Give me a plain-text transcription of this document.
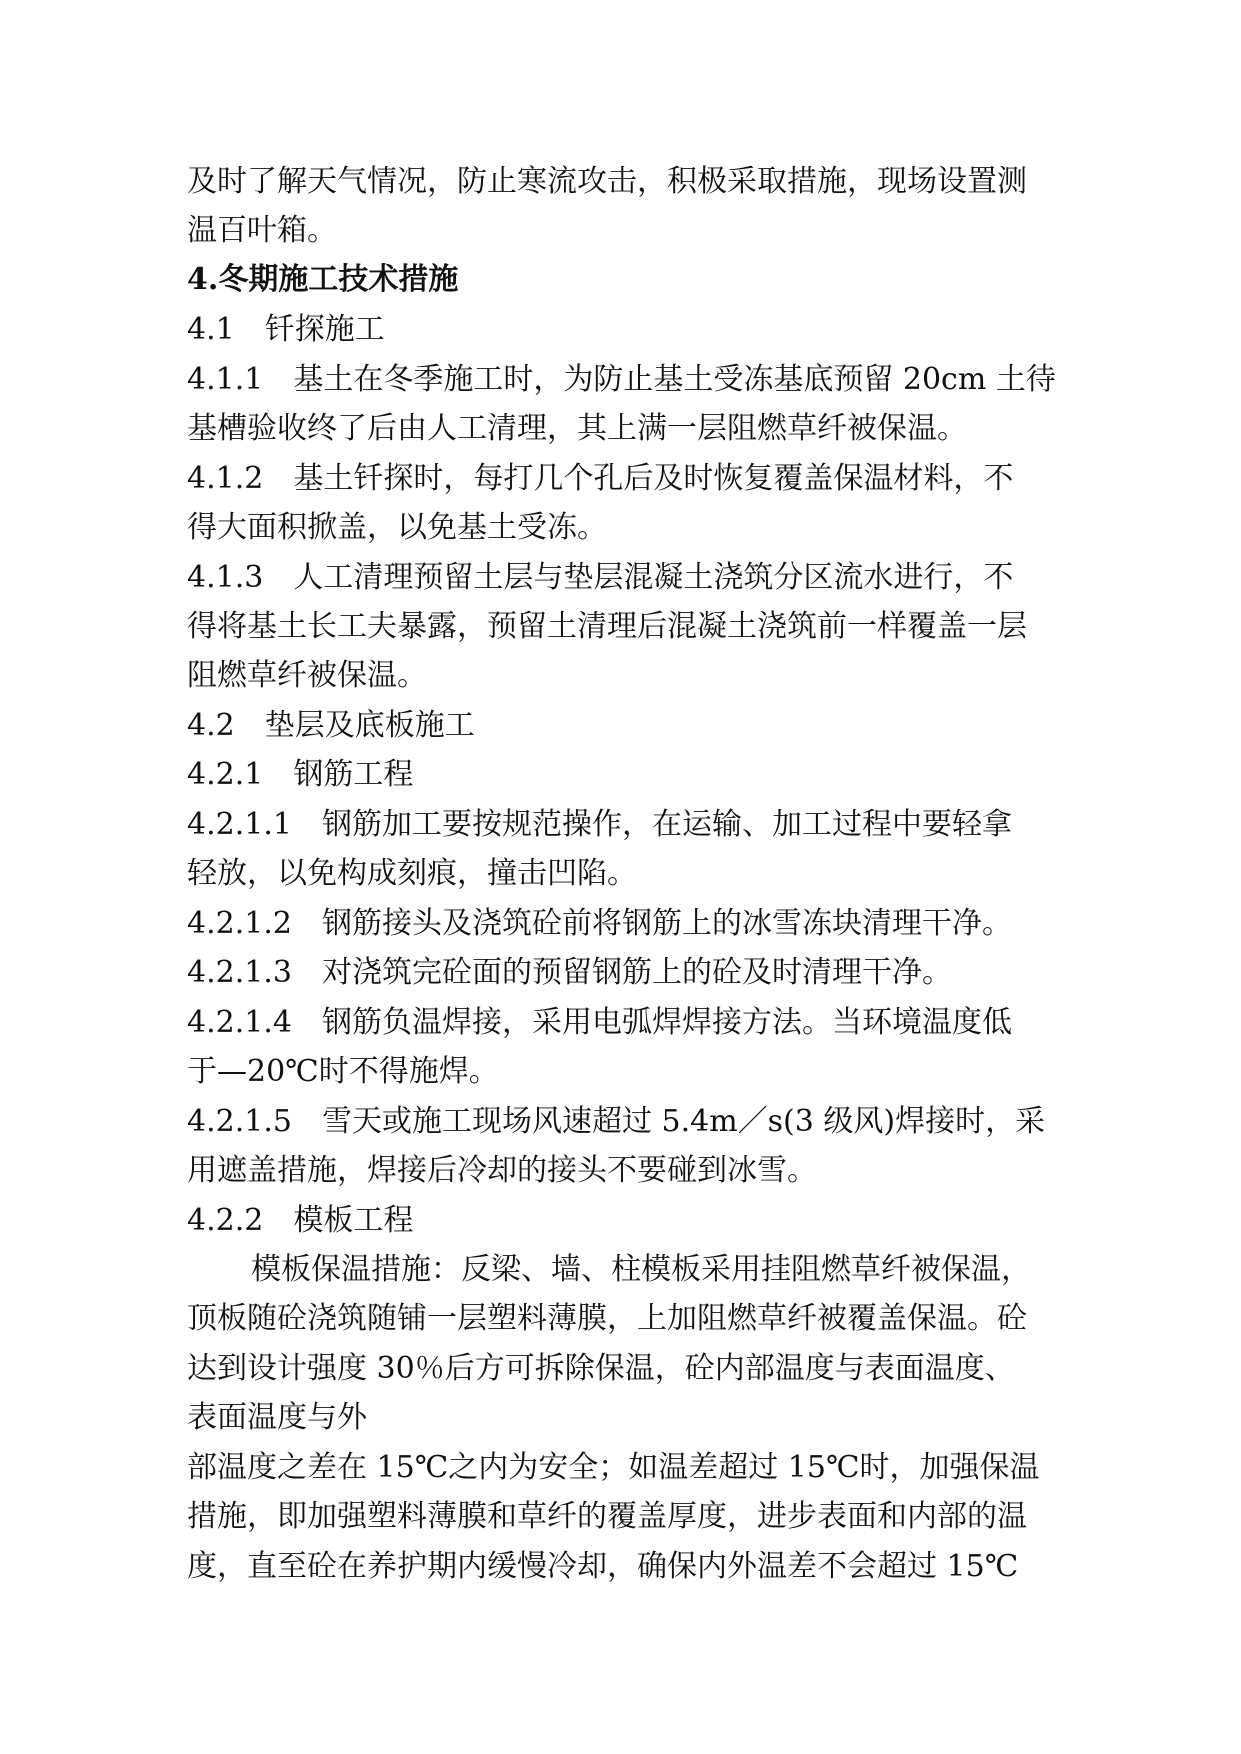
及时了解天气情况，防止寒流攻击，积极采取措施，现场设置测
温百叶箱。
4.冬期施工技术措施
4.1　钎探施工
4.1.1　基土在冬季施工时，为防止基土受冻基底预留 20cm 土待
基槽验收终了后由人工清理，其上满一层阻燃草纤被保温。
4.1.2　基土钎探时，每打几个孔后及时恢复覆盖保温材料，不
得大面积掀盖，以免基土受冻。
4.1.3　人工清理预留土层与垫层混凝土浇筑分区流水进行，不
得将基土长工夫暴露，预留土清理后混凝土浇筑前一样覆盖一层
阻燃草纤被保温。
4.2　垫层及底板施工
4.2.1　钢筋工程
4.2.1.1　钢筋加工要按规范操作，在运输、加工过程中要轻拿
轻放，以免构成刻痕，撞击凹陷。
4.2.1.2　钢筋接头及浇筑砼前将钢筋上的冰雪冻块清理干净。
4.2.1.3　对浇筑完砼面的预留钢筋上的砼及时清理干净。
4.2.1.4　钢筋负温焊接，采用电弧焊焊接方法。当环境温度低
于—20℃时不得施焊。
4.2.1.5　雪天或施工现场风速超过 5.4m／s(3 级风)焊接时，采
用遮盖措施，焊接后冷却的接头不要碰到冰雪。
4.2.2　模板工程
模板保温措施：反梁、墙、柱模板采用挂阻燃草纤被保温，
顶板随砼浇筑随铺一层塑料薄膜，上加阻燃草纤被覆盖保温。砼
达到设计强度 30％后方可拆除保温，砼内部温度与表面温度、
表面温度与外
部温度之差在 15℃之内为安全；如温差超过 15℃时，加强保温
措施，即加强塑料薄膜和草纤的覆盖厚度，进步表面和内部的温
度，直至砼在养护期内缓慢冷却，确保内外温差不会超过 15℃
